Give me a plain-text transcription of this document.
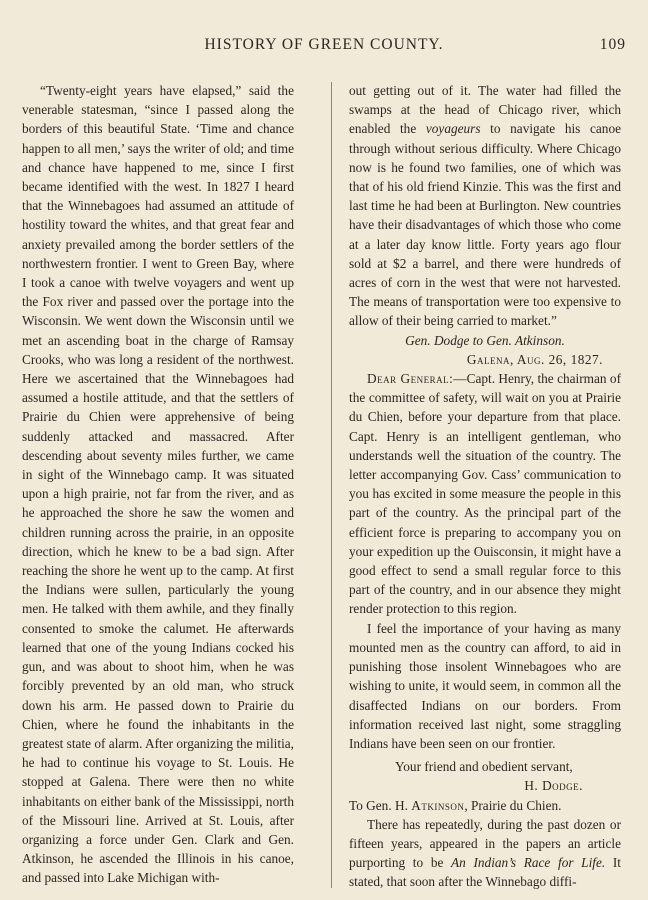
HISTORY OF GREEN COUNTY.	109

“Twenty-eight years have elapsed,” said the venerable statesman, “since I passed along the borders of this beautiful State. ‘Time and chance happen to all men,’ says the writer of old; and time and chance have happened to me, since I first became identified with the west. In 1827 I heard that the Winnebagoes had assumed an attitude of hostility toward the whites, and that great fear and anxiety prevailed among the border settlers of the northwestern frontier. I went to Green Bay, where I took a canoe with twelve voyagers and went up the Fox river and passed over the portage into the Wisconsin. We went down the Wisconsin until we met an ascending boat in the charge of Ramsay Crooks, who was long a resident of the northwest. Here we ascertained that the Winnebagoes had assumed a hostile attitude, and that the settlers of Prairie du Chien were apprehensive of being suddenly attacked and massacred. After descending about seventy miles further, we came in sight of the Winnebago camp. It was situated upon a high prairie, not far from the river, and as he approached the shore he saw the women and children running across the prairie, in an opposite direction, which he knew to be a bad sign. After reaching the shore he went up to the camp. At first the Indians were sullen, particularly the young men. He talked with them awhile, and they finally consented to smoke the calumet. He afterwards learned that one of the young Indians cocked his gun, and was about to shoot him, when he was forcibly prevented by an old man, who struck down his arm. He passed down to Prairie du Chien, where he found the inhabitants in the greatest state of alarm. After organizing the militia, he had to continue his voyage to St. Louis. He stopped at Galena. There were then no white inhabitants on either bank of the Mississippi, north of the Missouri line. Arrived at St. Louis, after organizing a force under Gen. Clark and Gen. Atkinson, he ascended the Illinois in his canoe, and passed into Lake Michigan with-

out getting out of it. The water had filled the swamps at the head of Chicago river, which enabled the voyageurs to navigate his canoe through without serious difficulty. Where Chicago now is he found two families, one of which was that of his old friend Kinzie. This was the first and last time he had been at Burlington. New countries have their disadvantages of which those who come at a later day know little. Forty years ago flour sold at $2 a barrel, and there were hundreds of acres of corn in the west that were not harvested. The means of transportation were too expensive to allow of their being carried to market.”

Gen. Dodge to Gen. Atkinson.

Galena, Aug. 26, 1827.

Dear General:—Capt. Henry, the chairman of the committee of safety, will wait on you at Prairie du Chien, before your departure from that place. Capt. Henry is an intelligent gentleman, who understands well the situation of the country. The letter accompanying Gov. Cass’ communication to you has excited in some measure the people in this part of the country. As the principal part of the efficient force is preparing to accompany you on your expedition up the Ouisconsin, it might have a good effect to send a small regular force to this part of the country, and in our absence they might render protection to this region.

I feel the importance of your having as many mounted men as the country can afford, to aid in punishing those insolent Winnebagoes who are wishing to unite, it would seem, in common all the disaffected Indians on our borders. From information received last night, some straggling Indians have been seen on our frontier.

Your friend and obedient servant,

H. Dodge.

To Gen. H. Atkinson, Prairie du Chien.

There has repeatedly, during the past dozen or fifteen years, appeared in the papers an article purporting to be An Indian’s Race for Life. It stated, that soon after the Winnebago diffi-
